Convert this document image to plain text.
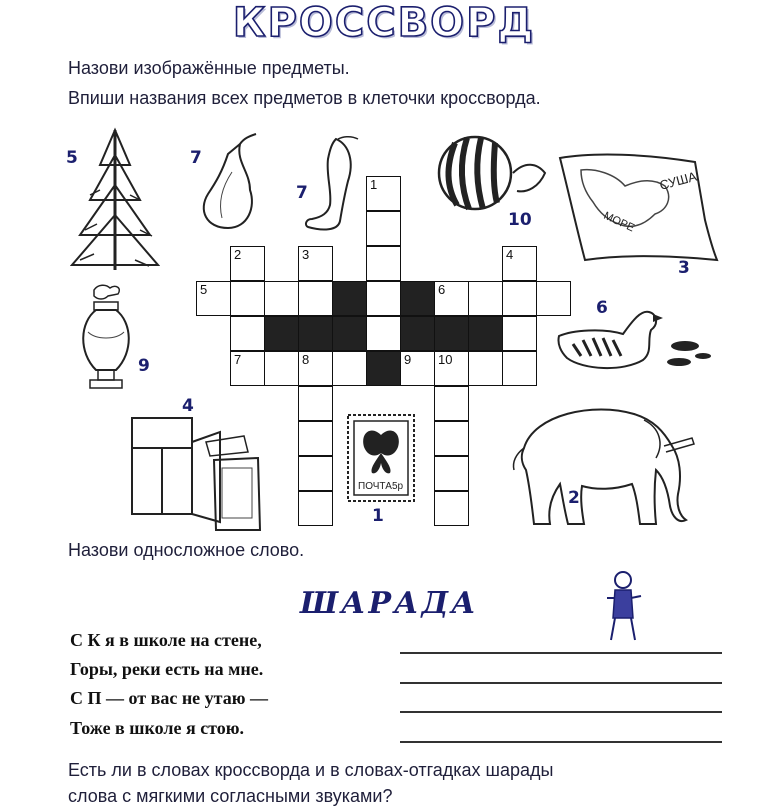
КРОССВОРД
Назови изображённые предметы.
Впиши названия всех предметов в клеточки кроссворда.
5	7
7
10
СУША
МОРЕ
3
9
6
4
ПОЧТА 5р
1
2
1
2	3	4
5	6
7	8	9 10
Назови односложное слово.
ШАРАДА
С К я в школе на стене,
Горы, реки есть на мне.
С П — от вас не утаю —
Тоже в школе я стою.
Есть ли в словах кроссворда и в словах-отгадках шарады
слова с мягкими согласными звуками?
